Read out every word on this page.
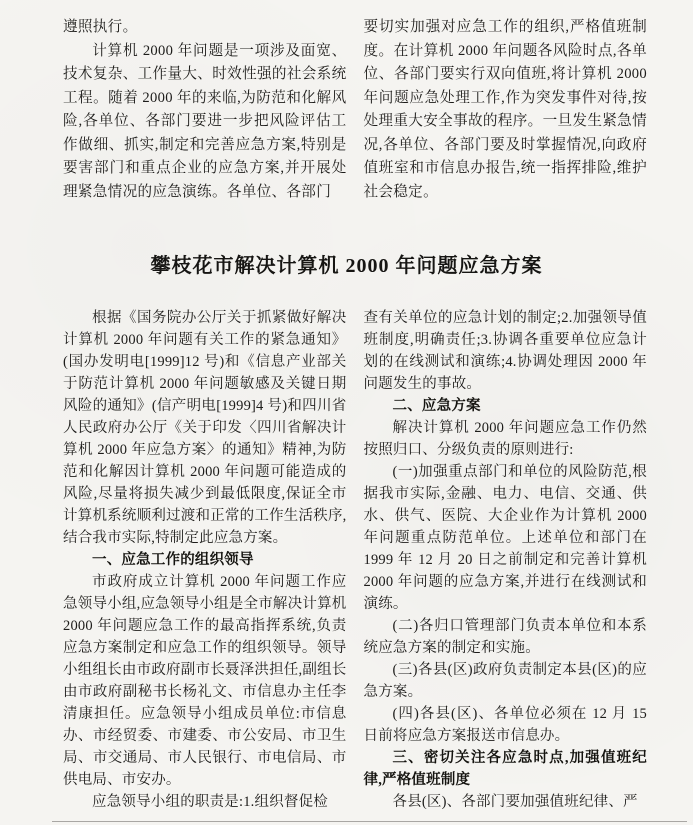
遵照执行。

计算机 2000 年问题是一项涉及面宽、技术复杂、工作量大、时效性强的社会系统工程。随着 2000 年的来临,为防范和化解风险,各单位、各部门要进一步把风险评估工作做细、抓实,制定和完善应急方案,特别是要害部门和重点企业的应急方案,并开展处理紧急情况的应急演练。各单位、各部门

要切实加强对应急工作的组织,严格值班制度。在计算机 2000 年问题各风险时点,各单位、各部门要实行双向值班,将计算机 2000 年问题应急处理工作,作为突发事件对待,按处理重大安全事故的程序。一旦发生紧急情况,各单位、各部门要及时掌握情况,向政府值班室和市信息办报告,统一指挥排险,维护社会稳定。

攀枝花市解决计算机 2000 年问题应急方案

根据《国务院办公厅关于抓紧做好解决计算机 2000 年问题有关工作的紧急通知》(国办发明电[1999]12 号)和《信息产业部关于防范计算机 2000 年问题敏感及关键日期风险的通知》(信产明电[1999]4 号)和四川省人民政府办公厅《关于印发〈四川省解决计算机 2000 年应急方案〉的通知》精神,为防范和化解因计算机 2000 年问题可能造成的风险,尽量将损失减少到最低限度,保证全市计算机系统顺利过渡和正常的工作生活秩序,结合我市实际,特制定此应急方案。

一、应急工作的组织领导

市政府成立计算机 2000 年问题工作应急领导小组,应急领导小组是全市解决计算机 2000 年问题应急工作的最高指挥系统,负责应急方案制定和应急工作的组织领导。领导小组组长由市政府副市长聂泽洪担任,副组长由市政府副秘书长杨礼文、市信息办主任李清康担任。应急领导小组成员单位:市信息办、市经贸委、市建委、市公安局、市卫生局、市交通局、市人民银行、市电信局、市供电局、市安办。

应急领导小组的职责是:1.组织督促检

查有关单位的应急计划的制定;2.加强领导值班制度,明确责任;3.协调各重要单位应急计划的在线测试和演练;4.协调处理因 2000 年问题发生的事故。

二、应急方案

解决计算机 2000 年问题应急工作仍然按照归口、分级负责的原则进行:

(一)加强重点部门和单位的风险防范,根据我市实际,金融、电力、电信、交通、供水、供气、医院、大企业作为计算机 2000 年问题重点防范单位。上述单位和部门在 1999 年 12 月 20 日之前制定和完善计算机 2000 年问题的应急方案,并进行在线测试和演练。

(二)各归口管理部门负责本单位和本系统应急方案的制定和实施。

(三)各县(区)政府负责制定本县(区)的应急方案。

(四)各县(区)、各单位必须在 12 月 15 日前将应急方案报送市信息办。

三、密切关注各应急时点,加强值班纪律,严格值班制度

各县(区)、各部门要加强值班纪律、严
